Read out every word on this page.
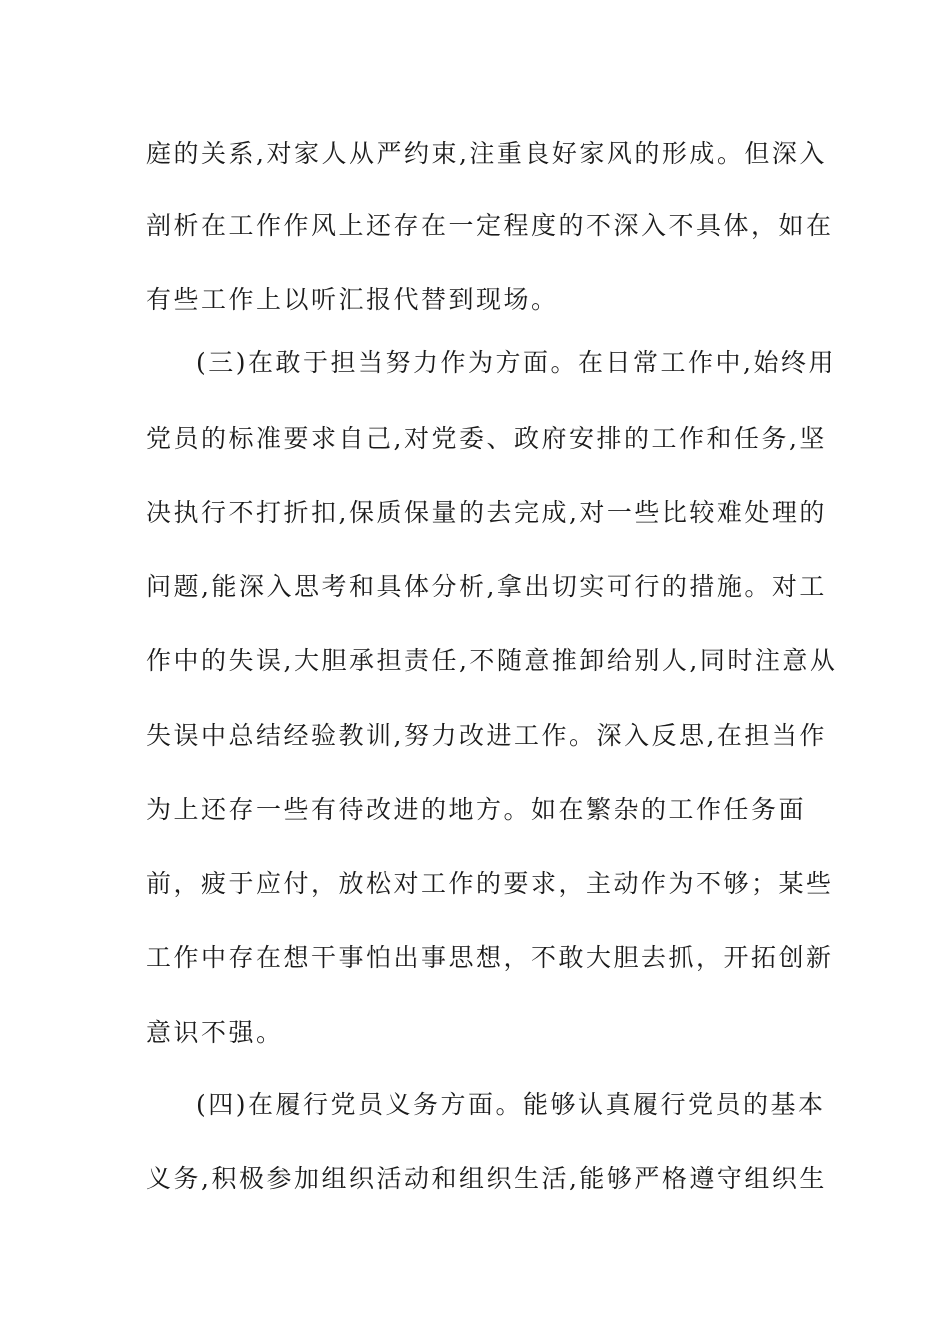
庭的关系,对家人从严约束,注重良好家风的形成。但深入
剖析在工作作风上还存在一定程度的不深入不具体，如在
有些工作上以听汇报代替到现场。
(三)在敢于担当努力作为方面。在日常工作中,始终用
党员的标准要求自己,对党委、政府安排的工作和任务,坚
决执行不打折扣,保质保量的去完成,对一些比较难处理的
问题,能深入思考和具体分析,拿出切实可行的措施。对工
作中的失误,大胆承担责任,不随意推卸给别人,同时注意从
失误中总结经验教训,努力改进工作。深入反思,在担当作
为上还存一些有待改进的地方。如在繁杂的工作任务面
前，疲于应付，放松对工作的要求，主动作为不够；某些
工作中存在想干事怕出事思想，不敢大胆去抓，开拓创新
意识不强。
(四)在履行党员义务方面。能够认真履行党员的基本
义务,积极参加组织活动和组织生活,能够严格遵守组织生
